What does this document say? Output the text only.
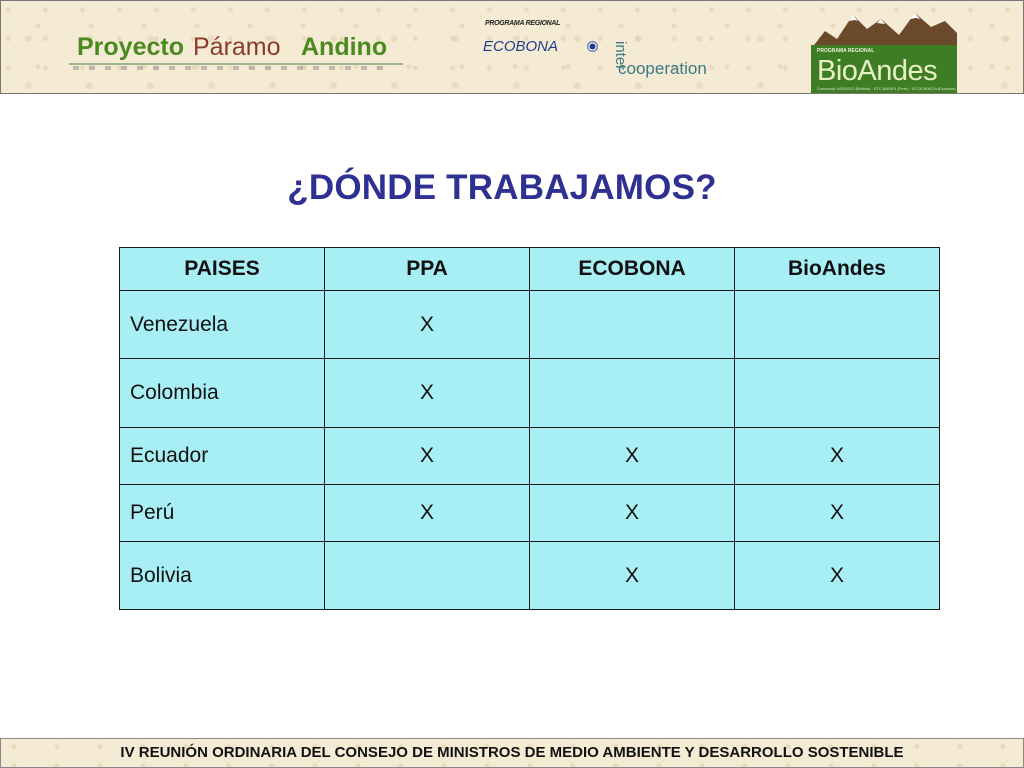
Proyecto Páramo Andino
PROGRAMA REGIONAL
ECOBONA	inter
cooperation
PROGRAMA REGIONAL
BioAndes
Consorcio: AGRUCO (Bolivia) · ETC ANDES (Perú) · ECOCIENCIA (Ecuador)
¿DÓNDE TRABAJAMOS?
PAISES	PPA	ECOBONA	BioAndes
Venezuela	X		
Colombia	X		
Ecuador	X	X	X
Perú	X	X	X
Bolivia		X	X
IV REUNIÓN ORDINARIA DEL CONSEJO DE MINISTROS DE MEDIO AMBIENTE Y DESARROLLO SOSTENIBLE
